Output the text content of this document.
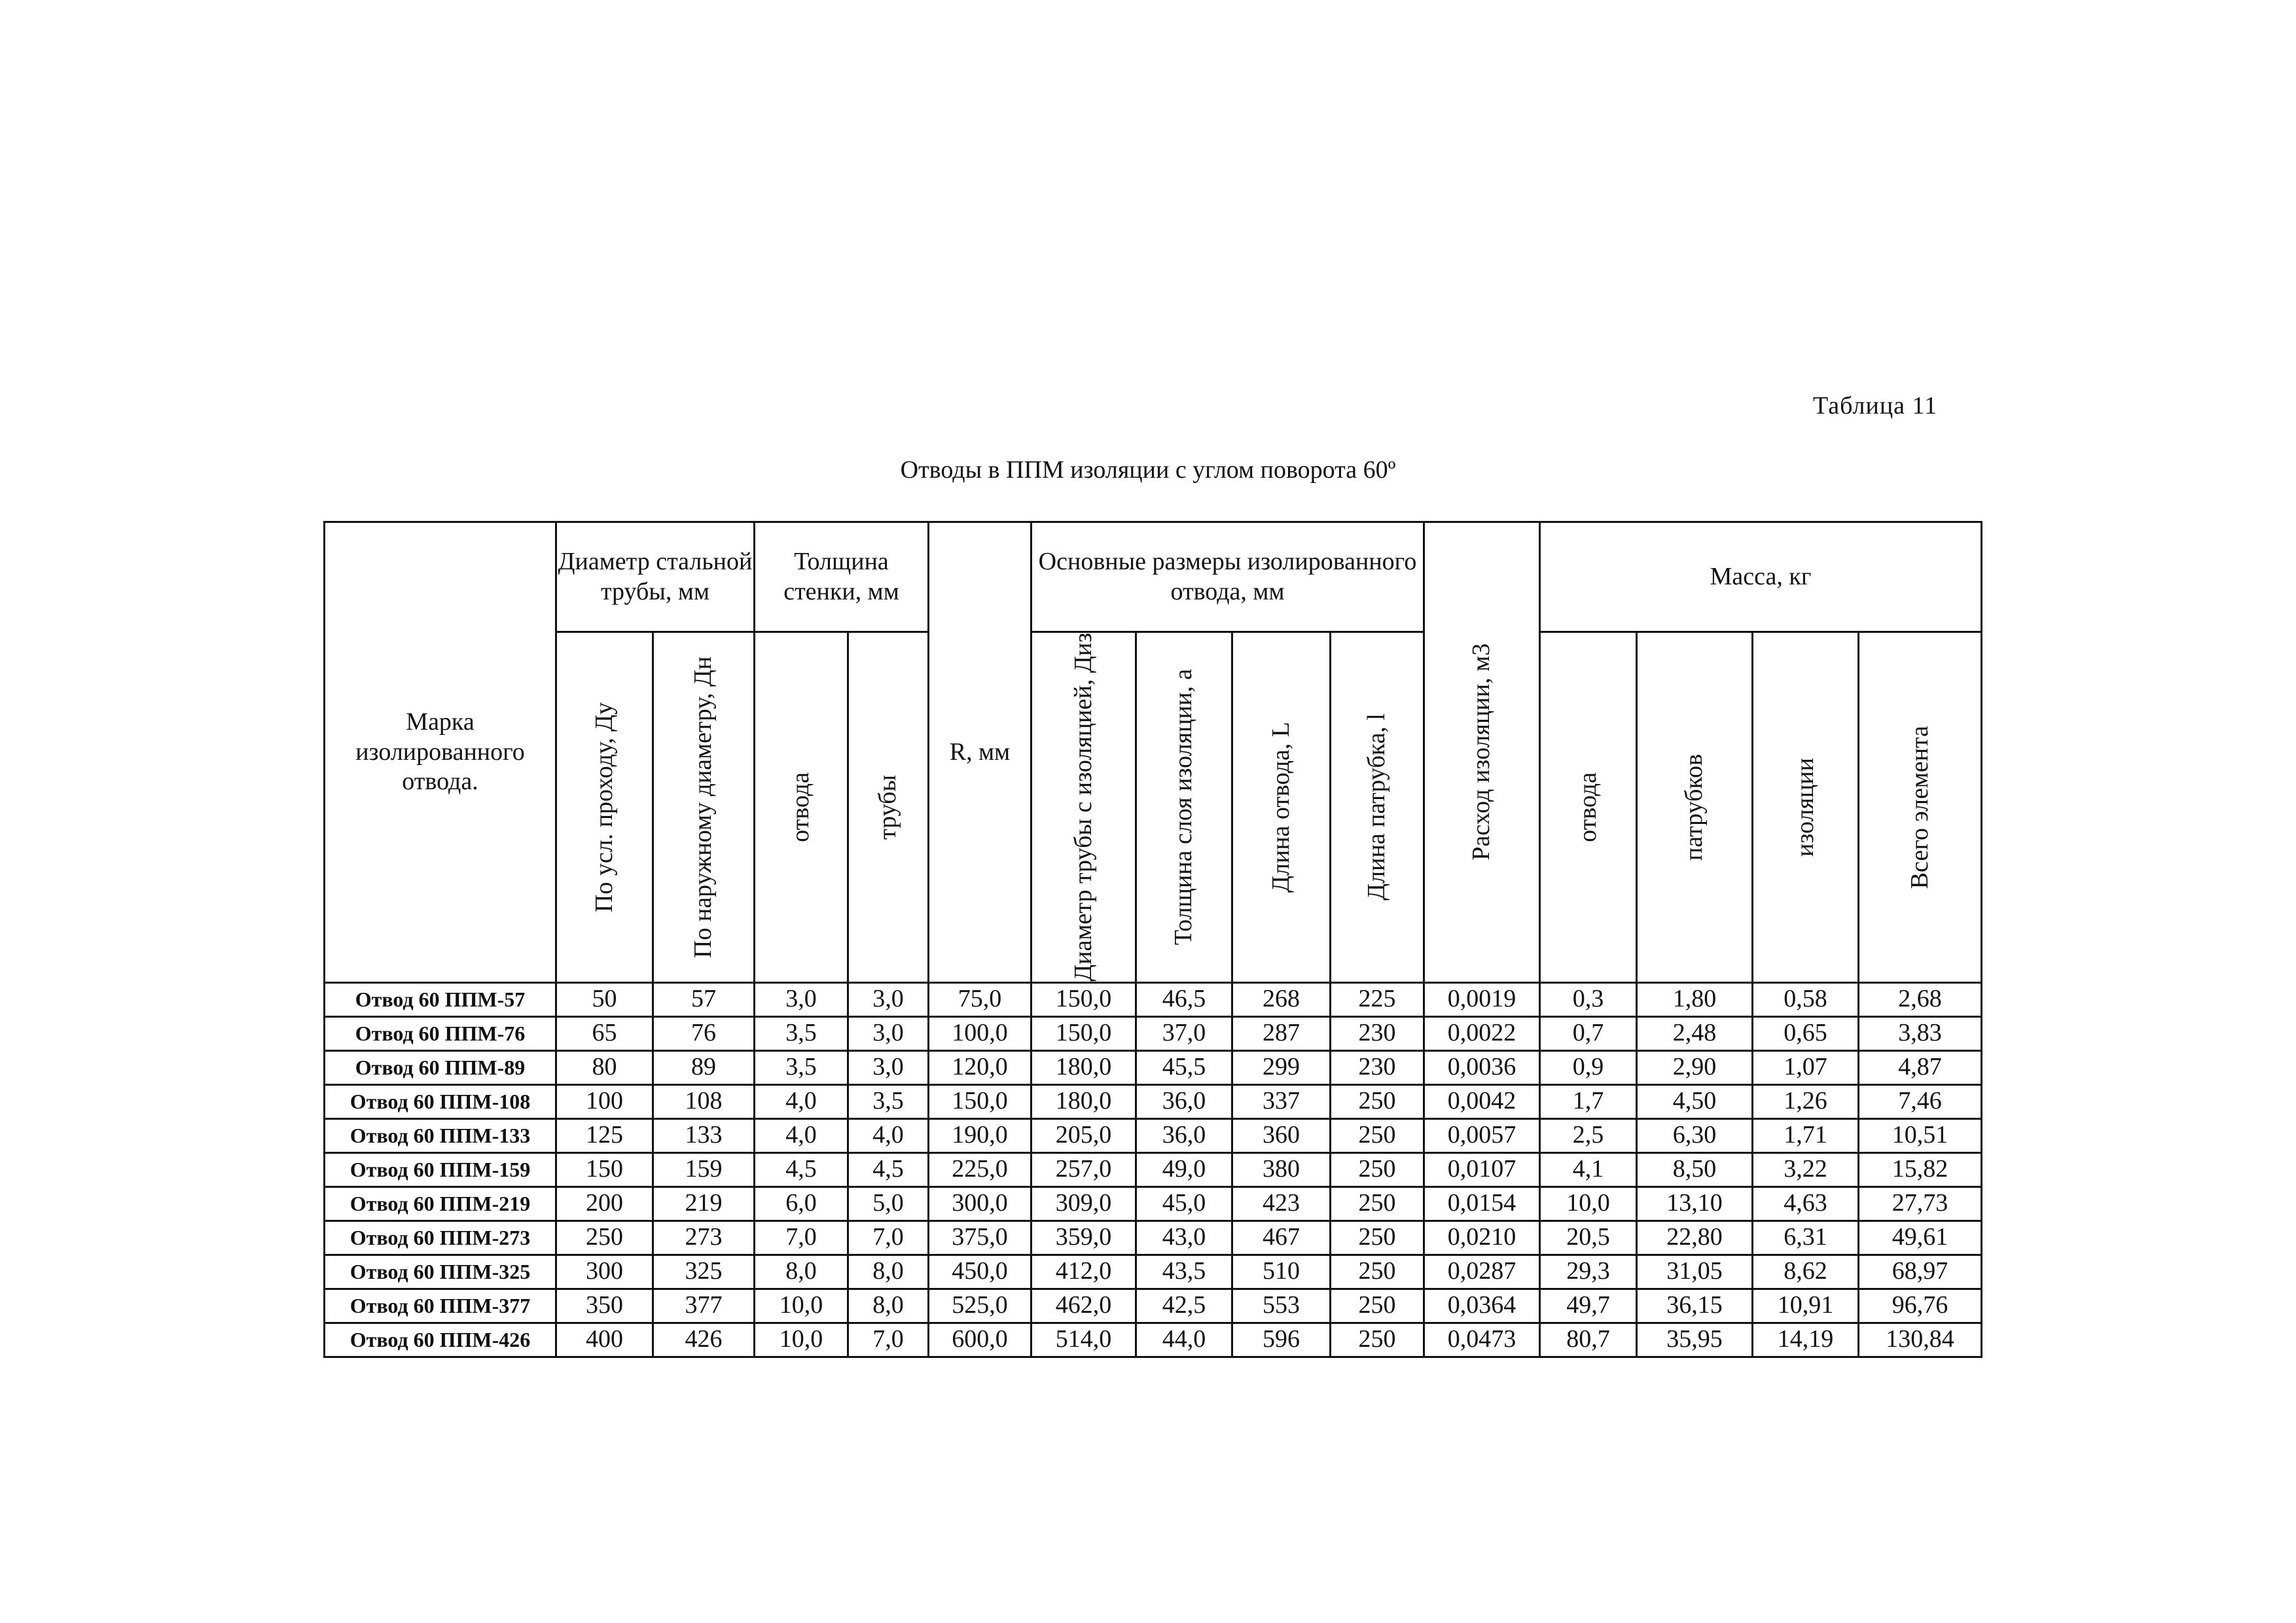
Таблица 11
Отводы в ППМ изоляции с углом поворота 60º
Марка изолированного отвода.	Диаметр стальной трубы, мм		Толщина стенки, мм		R, мм	Основные размеры изолированного отвода, мм				Расход изоляции, м3	Масса, кг			

	По усл. проходу, Ду	По наружному диаметру, Дн	отвода	трубы		Диаметр трубы с изоляцией, Диз	Толщина слоя изоляции, а	Длина отвода, L	Длина патрубка, l		отвода	патрубков	изоляции	Всего элемента

Отвод 60 ППМ-57	50	57	3,0	3,0	75,0	150,0	46,5	268	225	0,0019	0,3	1,80	0,58	2,68
Отвод 60 ППМ-76	65	76	3,5	3,0	100,0	150,0	37,0	287	230	0,0022	0,7	2,48	0,65	3,83
Отвод 60 ППМ-89	80	89	3,5	3,0	120,0	180,0	45,5	299	230	0,0036	0,9	2,90	1,07	4,87
Отвод 60 ППМ-108	100	108	4,0	3,5	150,0	180,0	36,0	337	250	0,0042	1,7	4,50	1,26	7,46
Отвод 60 ППМ-133	125	133	4,0	4,0	190,0	205,0	36,0	360	250	0,0057	2,5	6,30	1,71	10,51
Отвод 60 ППМ-159	150	159	4,5	4,5	225,0	257,0	49,0	380	250	0,0107	4,1	8,50	3,22	15,82
Отвод 60 ППМ-219	200	219	6,0	5,0	300,0	309,0	45,0	423	250	0,0154	10,0	13,10	4,63	27,73
Отвод 60 ППМ-273	250	273	7,0	7,0	375,0	359,0	43,0	467	250	0,0210	20,5	22,80	6,31	49,61
Отвод 60 ППМ-325	300	325	8,0	8,0	450,0	412,0	43,5	510	250	0,0287	29,3	31,05	8,62	68,97
Отвод 60 ППМ-377	350	377	10,0	8,0	525,0	462,0	42,5	553	250	0,0364	49,7	36,15	10,91	96,76
Отвод 60 ППМ-426	400	426	10,0	7,0	600,0	514,0	44,0	596	250	0,0473	80,7	35,95	14,19	130,84
